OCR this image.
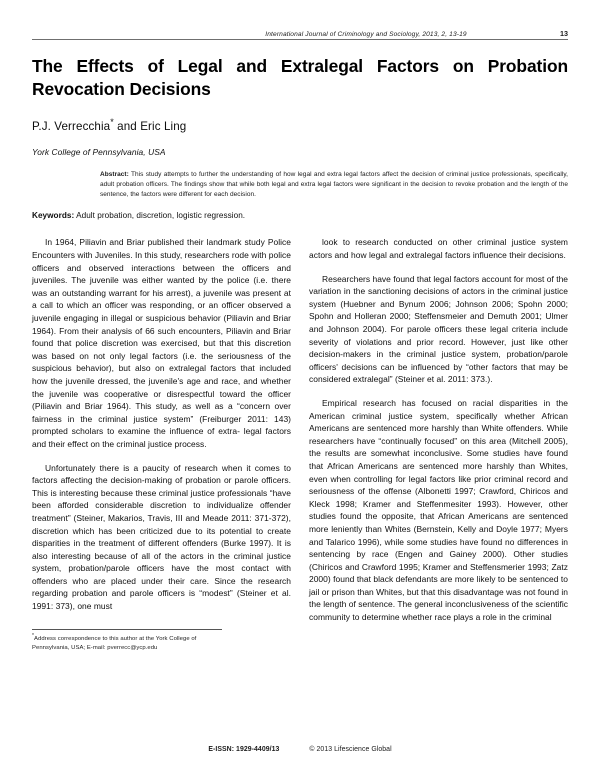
International Journal of Criminology and Sociology, 2013, 2, 13-19	13
The Effects of Legal and Extralegal Factors on Probation
Revocation Decisions
P.J. Verrecchia* and Eric Ling
York College of Pennsylvania, USA
Abstract: This study attempts to further the understanding of how legal and extra legal factors affect the decision of criminal justice professionals, specifically, adult probation officers. The findings show that while both legal and extra legal factors were significant in the decision to revoke probation and the length of the sentence, the factors were different for each decision.
Keywords: Adult probation, discretion, logistic regression.

In 1964, Piliavin and Briar published their landmark study Police Encounters with Juveniles. In this study, researchers rode with police officers and observed interactions between the officers and juveniles. The juvenile was either wanted by the police (i.e. there was an outstanding warrant for his arrest), a juvenile was present at a call to which an officer was responding, or an officer observed a juvenile engaging in illegal or suspicious behavior (Piliavin and Briar 1964). From their analysis of 66 such encounters, Piliavin and Briar found that police discretion was exercised, but that this discretion was based on not only legal factors (i.e. the seriousness of the suspicious behavior), but also on extralegal factors that included how the juvenile dressed, the juvenile's age and race, and whether the juvenile was cooperative or disrespectful toward the officer (Piliavin and Briar 1964). This study, as well as a “concern over fairness in the criminal justice system” (Freiburger 2011: 143) prompted scholars to examine the influence of extra- legal factors and their effect on the criminal justice process.

Unfortunately there is a paucity of research when it comes to factors affecting the decision-making of probation or parole officers. This is interesting because these criminal justice professionals “have been afforded considerable discretion to individualize offender treatment” (Steiner, Makarios, Travis, III and Meade 2011: 371-372), discretion which has been criticized due to its potential to create disparities in the treatment of different offenders (Burke 1997). It is also interesting because of all of the actors in the criminal justice system, probation/parole officers have the most contact with offenders who are placed under their care. Since the research regarding probation and parole officers is “modest” (Steiner et al. 1991: 373), one must

*Address correspondence to this author at the York College of Pennsylvania, USA; E-mail: pverrecc@ycp.edu

look to research conducted on other criminal justice system actors and how legal and extralegal factors influence their decisions.

Researchers have found that legal factors account for most of the variation in the sanctioning decisions of actors in the criminal justice system (Huebner and Bynum 2006; Johnson 2006; Spohn 2000; Spohn and Holleran 2000; Steffensmeier and Demuth 2001; Ulmer and Johnson 2004). For parole officers these legal criteria include severity of violations and prior record. However, just like other decision-makers in the criminal justice system, probation/parole officers' decisions can be influenced by “other factors that may be considered extralegal” (Steiner et al. 2011: 373.).

Empirical research has focused on racial disparities in the American criminal justice system, specifically whether African Americans are sentenced more harshly than White offenders. While researchers have “continually focused” on this area (Mitchell 2005), the results are somewhat inconclusive. Some studies have found that African Americans are sentenced more harshly than Whites, even when controlling for legal factors like prior criminal record and seriousness of the offense (Albonetti 1997; Crawford, Chiricos and Kleck 1998; Kramer and Steffenmesiter 1993). However, other studies found the opposite, that African Americans are sentenced more leniently than Whites (Bernstein, Kelly and Doyle 1977; Myers and Talarico 1996), while some studies have found no differences in sentencing by race (Engen and Gainey 2000). Other studies (Chiricos and Crawford 1995; Kramer and Steffensmerier 1993; Zatz 2000) found that black defendants are more likely to be sentenced to jail or prison than Whites, but that this disadvantage was not found in the length of sentence. The general inconclusiveness of the scientific community to determine whether race plays a role in the criminal

E-ISSN: 1929-4409/13	© 2013 Lifescience Global
